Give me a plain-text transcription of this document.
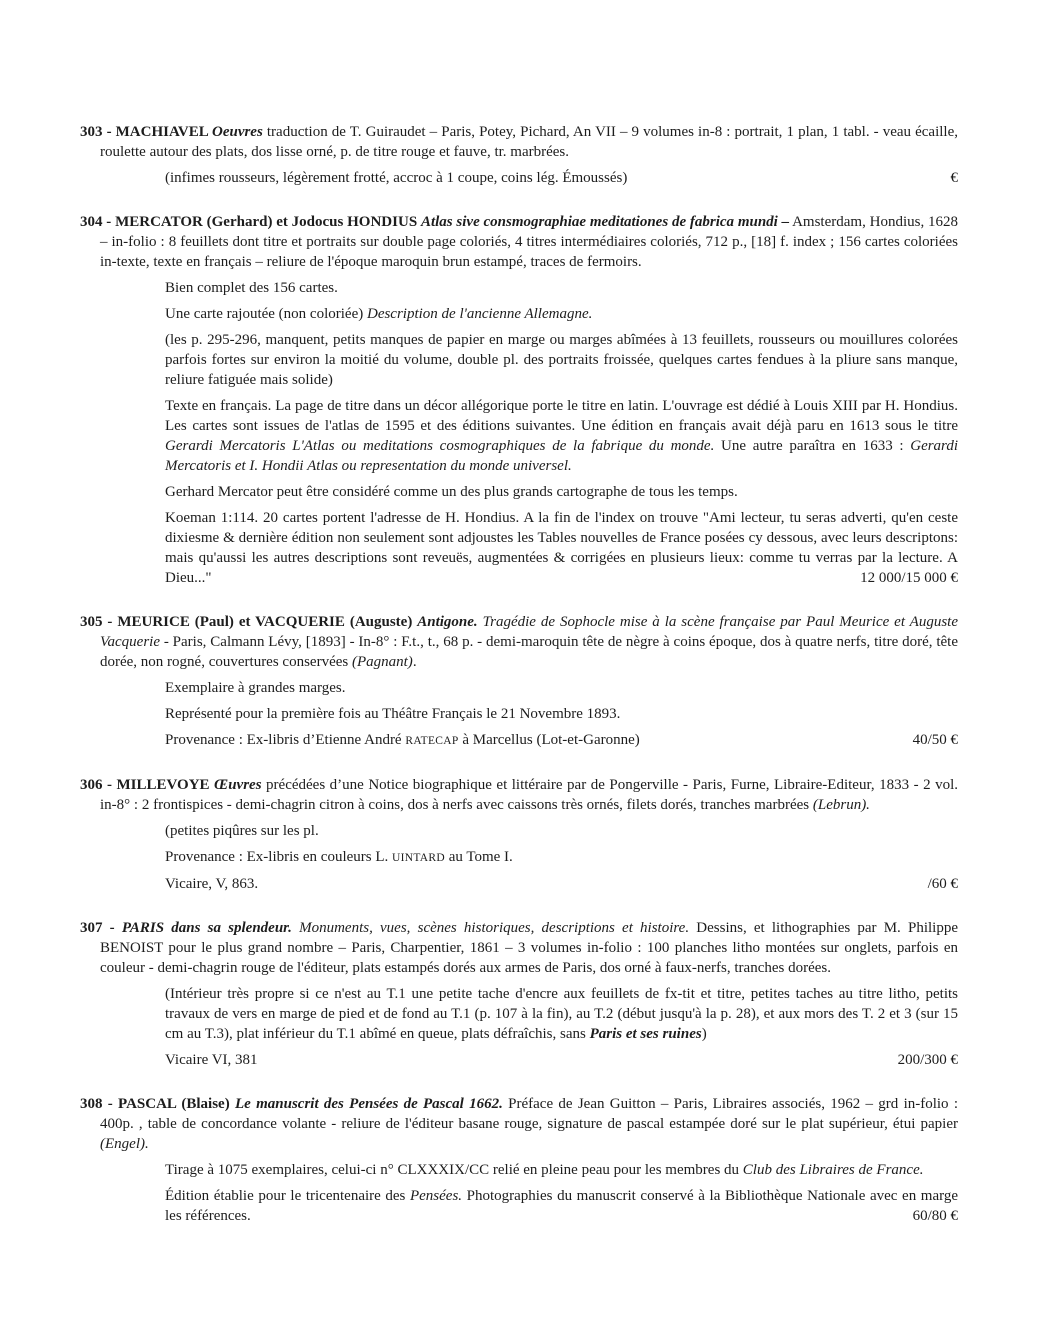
303 - MACHIAVEL Oeuvres traduction de T. Guiraudet – Paris, Potey, Pichard, An VII – 9 volumes in-8 : portrait, 1 plan, 1 tabl. - veau écaille, roulette autour des plats, dos lisse orné, p. de titre rouge et fauve, tr. marbrées.

(infimes rousseurs, légèrement frotté, accroc à 1 coupe, coins lég. Émoussés)	€

304 - MERCATOR (Gerhard) et Jodocus HONDIUS Atlas sive consmographiae meditationes de fabrica mundi – Amsterdam, Hondius, 1628 – in-folio : 8 feuillets dont titre et portraits sur double page coloriés, 4 titres intermédiaires coloriés, 712 p., [18] f. index ; 156 cartes coloriées in-texte, texte en français – reliure de l'époque maroquin brun estampé, traces de fermoirs.

Bien complet des 156 cartes.

Une carte rajoutée (non coloriée) Description de l'ancienne Allemagne.

(les p. 295-296, manquent, petits manques de papier en marge ou marges abîmées à 13 feuillets, rousseurs ou mouillures colorées parfois fortes sur environ la moitié du volume, double pl. des portraits froissée, quelques cartes fendues à la pliure sans manque, reliure fatiguée mais solide)

Texte en français. La page de titre dans un décor allégorique porte le titre en latin. L'ouvrage est dédié à Louis XIII par H. Hondius. Les cartes sont issues de l'atlas de 1595 et des éditions suivantes. Une édition en français avait déjà paru en 1613 sous le titre Gerardi Mercatoris L'Atlas ou meditations cosmographiques de la fabrique du monde. Une autre paraîtra en 1633 : Gerardi Mercatoris et I. Hondii Atlas ou representation du monde universel.

Gerhard Mercator peut être considéré comme un des plus grands cartographe de tous les temps.

Koeman 1:114. 20 cartes portent l'adresse de H. Hondius. A la fin de l'index on trouve "Ami lecteur, tu seras adverti, qu'en ceste dixiesme & dernière édition non seulement sont adjoustes les Tables nouvelles de France posées cy dessous, avec leurs descriptons: mais qu'aussi les autres descriptions sont reveuës, augmentées & corrigées en plusieurs lieux: comme tu verras par la lecture. A Dieu..."	12 000/15 000 €

305 - MEURICE (Paul) et VACQUERIE (Auguste) Antigone. Tragédie de Sophocle mise à la scène française par Paul Meurice et Auguste Vacquerie - Paris, Calmann Lévy, [1893] - In-8° : F.t., t., 68 p. - demi-maroquin tête de nègre à coins époque, dos à quatre nerfs, titre doré, tête dorée, non rogné, couvertures conservées (Pagnant).

Exemplaire à grandes marges.

Représenté pour la première fois au Théâtre Français le 21 Novembre 1893.

Provenance : Ex-libris d’Etienne André RATECAP à Marcellus (Lot-et-Garonne)	40/50 €

306 - MILLEVOYE Œuvres précédées d’une Notice biographique et littéraire par de Pongerville - Paris, Furne, Libraire-Editeur, 1833 - 2 vol. in-8° : 2 frontispices - demi-chagrin citron à coins, dos à nerfs avec caissons très ornés, filets dorés, tranches marbrées (Lebrun).

(petites piqûres sur les pl.

Provenance : Ex-libris en couleurs L. UINTARD au Tome I.

Vicaire, V, 863.	/60 €

307 - PARIS dans sa splendeur. Monuments, vues, scènes historiques, descriptions et histoire. Dessins, et lithographies par M. Philippe BENOIST pour le plus grand nombre – Paris, Charpentier, 1861 – 3 volumes in-folio : 100 planches litho montées sur onglets, parfois en couleur - demi-chagrin rouge de l'éditeur, plats estampés dorés aux armes de Paris, dos orné à faux-nerfs, tranches dorées.

(Intérieur très propre si ce n'est au T.1 une petite tache d'encre aux feuillets de fx-tit et titre, petites taches au titre litho, petits travaux de vers en marge de pied et de fond au T.1 (p. 107 à la fin), au T.2 (début jusqu'à la p. 28), et aux mors des T. 2 et 3 (sur 15 cm au T.3), plat inférieur du T.1 abîmé en queue, plats défraîchis, sans Paris et ses ruines)

Vicaire VI, 381	200/300 €

308 - PASCAL (Blaise) Le manuscrit des Pensées de Pascal 1662. Préface de Jean Guitton – Paris, Libraires associés, 1962 – grd in-folio : 400p. , table de concordance volante - reliure de l'éditeur basane rouge, signature de pascal estampée doré sur le plat supérieur, étui papier (Engel).

Tirage à 1075 exemplaires, celui-ci n° CLXXXIX/CC relié en pleine peau pour les membres du Club des Libraires de France.

Édition établie pour le tricentenaire des Pensées. Photographies du manuscrit conservé à la Bibliothèque Nationale avec en marge les références.	60/80 €
